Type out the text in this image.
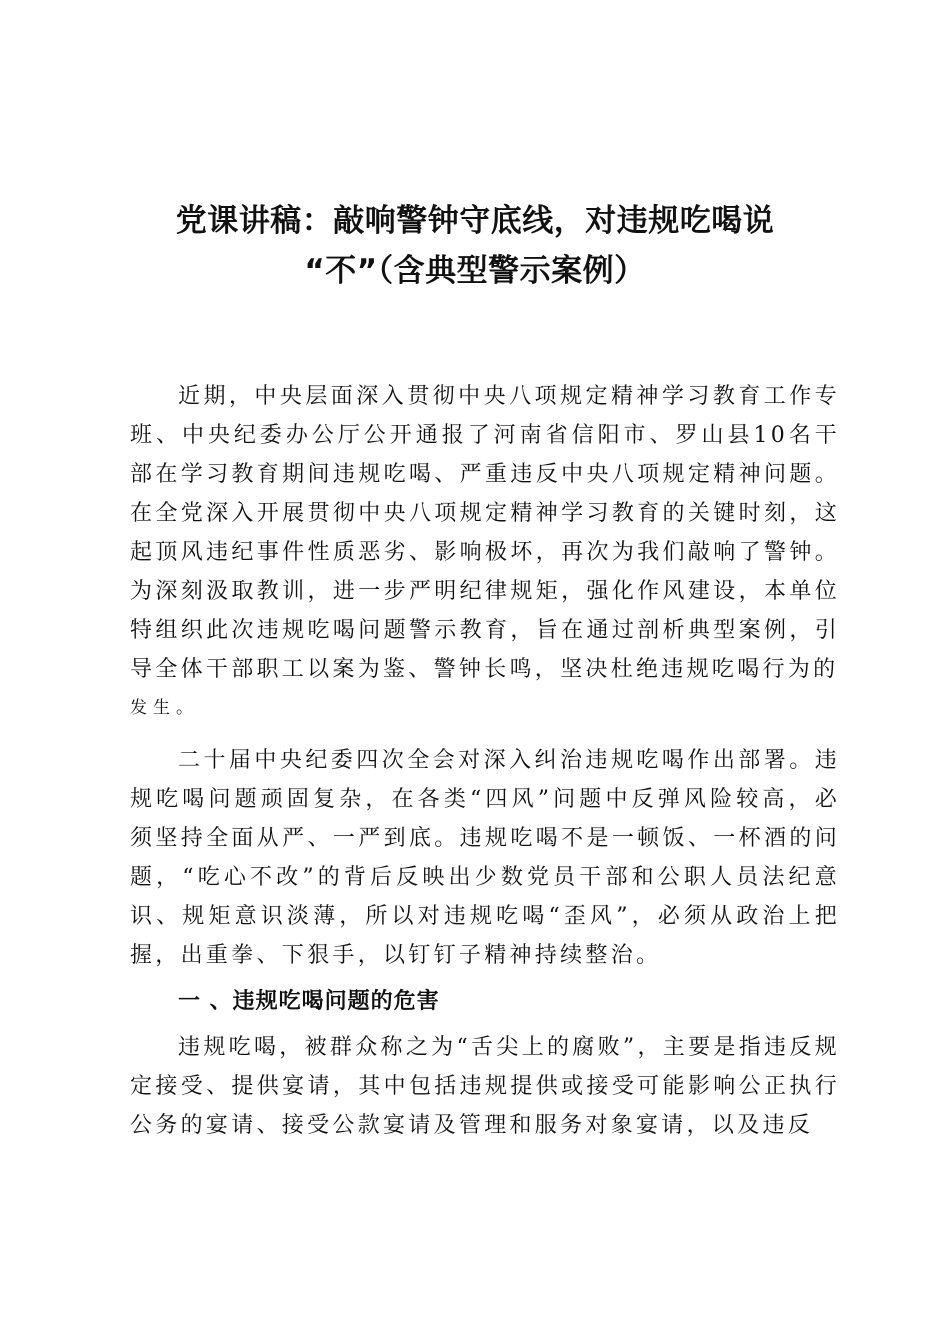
党课讲稿：敲响警钟守底线，对违规吃喝说
“不”（含典型警示案例）

近期，中央层面深入贯彻中央八项规定精神学习教育工作专班、中央纪委办公厅公开通报了河南省信阳市、罗山县10名干部在学习教育期间违规吃喝、严重违反中央八项规定精神问题。在全党深入开展贯彻中央八项规定精神学习教育的关键时刻，这起顶风违纪事件性质恶劣、影响极坏，再次为我们敲响了警钟。为深刻汲取教训，进一步严明纪律规矩，强化作风建设，本单位特组织此次违规吃喝问题警示教育，旨在通过剖析典型案例，引导全体干部职工以案为鉴、警钟长鸣，坚决杜绝违规吃喝行为的
发生。

二十届中央纪委四次全会对深入纠治违规吃喝作出部署。违规吃喝问题顽固复杂，在各类“四风”问题中反弹风险较高，必须坚持全面从严、一严到底。违规吃喝不是一顿饭、一杯酒的问题，“吃心不改”的背后反映出少数党员干部和公职人员法纪意识、规矩意识淡薄，所以对违规吃喝“歪风”，必须从政治上把握，出重拳、下狠手，以钉钉子精神持续整治。

一 、违规吃喝问题的危害

违规吃喝，被群众称之为“舌尖上的腐败”，主要是指违反规定接受、提供宴请，其中包括违规提供或接受可能影响公正执行公务的宴请、接受公款宴请及管理和服务对象宴请，以及违反
